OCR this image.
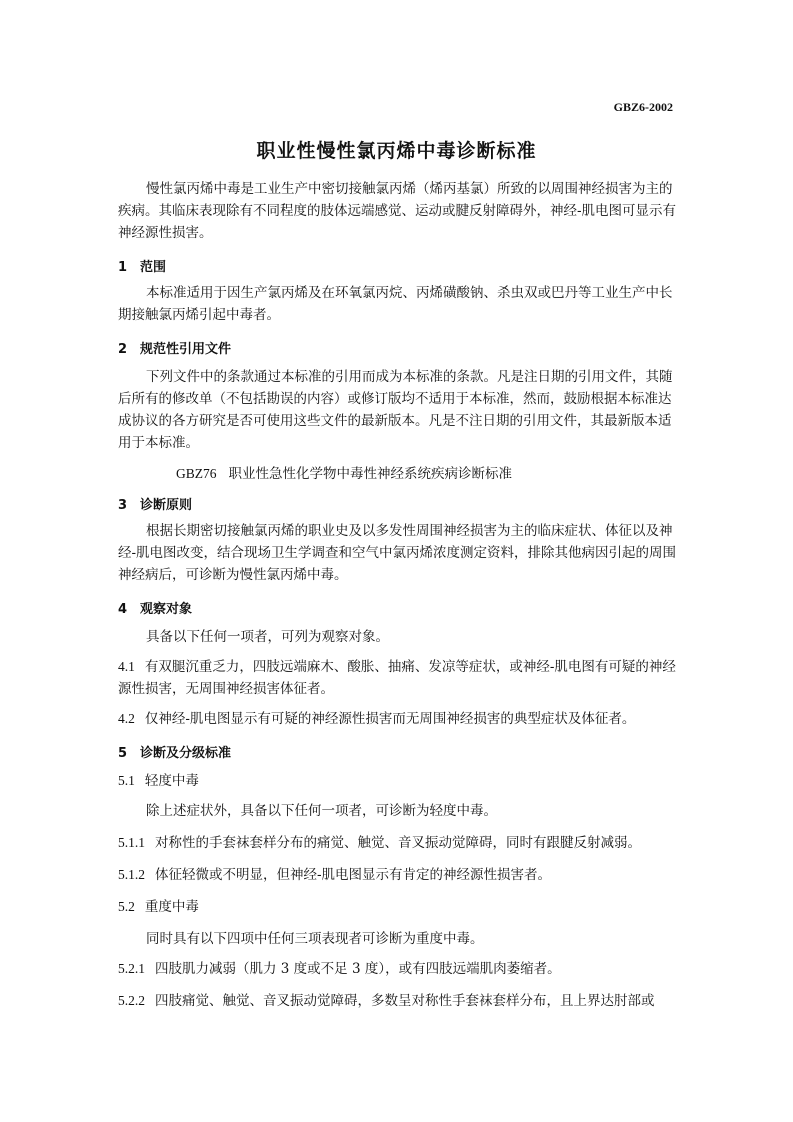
GBZ6-2002
职业性慢性氯丙烯中毒诊断标准

慢性氯丙烯中毒是工业生产中密切接触氯丙烯（烯丙基氯）所致的以周围神经损害为主的疾病。其临床表现除有不同程度的肢体远端感觉、运动或腱反射障碍外，神经-肌电图可显示有神经源性损害。

1 范围

本标准适用于因生产氯丙烯及在环氧氯丙烷、丙烯磺酸钠、杀虫双或巴丹等工业生产中长期接触氯丙烯引起中毒者。

2 规范性引用文件

下列文件中的条款通过本标准的引用而成为本标准的条款。凡是注日期的引用文件，其随后所有的修改单（不包括勘误的内容）或修订版均不适用于本标准，然而，鼓励根据本标准达成协议的各方研究是否可使用这些文件的最新版本。凡是不注日期的引用文件，其最新版本适用于本标准。

GBZ76 职业性急性化学物中毒性神经系统疾病诊断标准
3 诊断原则

根据长期密切接触氯丙烯的职业史及以多发性周围神经损害为主的临床症状、体征以及神经-肌电图改变，结合现场卫生学调查和空气中氯丙烯浓度测定资料，排除其他病因引起的周围神经病后，可诊断为慢性氯丙烯中毒。

4 观察对象

具备以下任何一项者，可列为观察对象。

4.1 有双腿沉重乏力，四肢远端麻木、酸胀、抽痛、发凉等症状，或神经-肌电图有可疑的神经源性损害，无周围神经损害体征者。

4.2 仅神经-肌电图显示有可疑的神经源性损害而无周围神经损害的典型症状及体征者。

5 诊断及分级标准

5.1 轻度中毒

除上述症状外，具备以下任何一项者，可诊断为轻度中毒。

5.1.1 对称性的手套袜套样分布的痛觉、触觉、音叉振动觉障碍，同时有跟腱反射减弱。

5.1.2 体征轻微或不明显，但神经-肌电图显示有肯定的神经源性损害者。

5.2 重度中毒

同时具有以下四项中任何三项表现者可诊断为重度中毒。

5.2.1 四肢肌力减弱（肌力 3 度或不足 3 度），或有四肢远端肌肉萎缩者。

5.2.2 四肢痛觉、触觉、音叉振动觉障碍，多数呈对称性手套袜套样分布，且上界达肘部或
